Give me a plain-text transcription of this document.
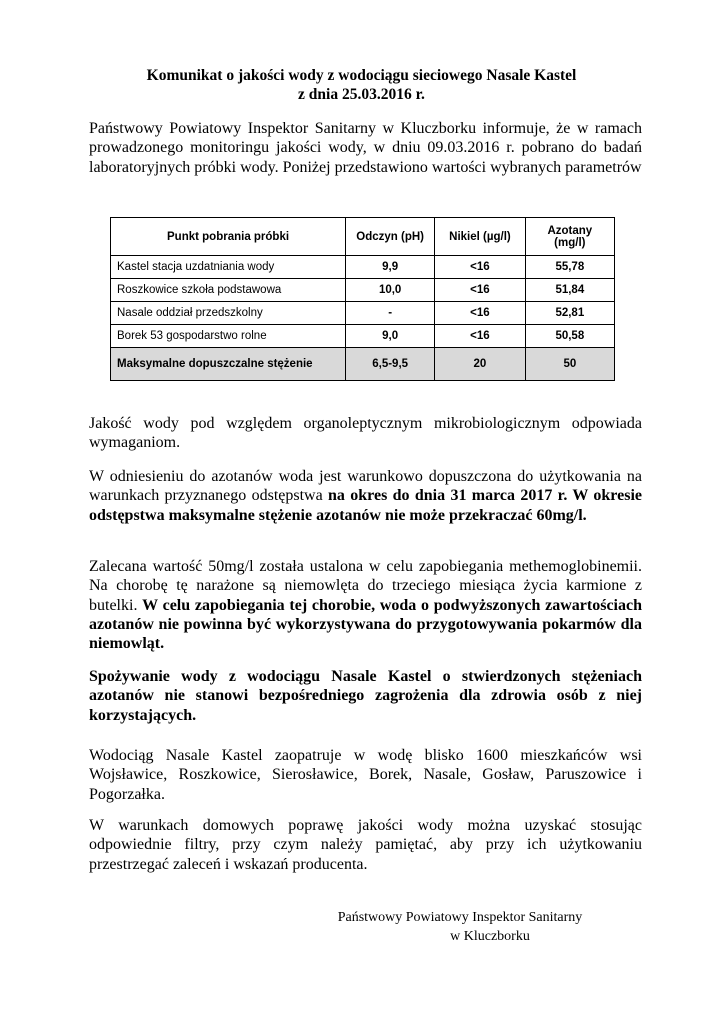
Komunikat o jakości wody z wodociągu sieciowego Nasale Kastel
z dnia 25.03.2016 r.

Państwowy Powiatowy Inspektor Sanitarny w Kluczborku informuje, że w ramach prowadzonego monitoringu jakości wody, w dniu 09.03.2016 r. pobrano do badań laboratoryjnych próbki wody. Poniżej przedstawiono wartości wybranych parametrów

Punkt pobrania próbki	Odczyn (pH)	Nikiel (µg/l)	Azotany (mg/l)
Kastel stacja uzdatniania wody	9,9	<16	55,78
Roszkowice szkoła podstawowa	10,0	<16	51,84
Nasale oddział przedszkolny	-	<16	52,81
Borek 53 gospodarstwo rolne	9,0	<16	50,58
Maksymalne dopuszczalne stężenie	6,5-9,5	20	50

Jakość wody pod względem organoleptycznym mikrobiologicznym odpowiada wymaganiom.

W odniesieniu do azotanów woda jest warunkowo dopuszczona do użytkowania na warunkach przyznanego odstępstwa na okres do dnia 31 marca 2017 r. W okresie odstępstwa maksymalne stężenie azotanów nie może przekraczać 60mg/l.

Zalecana wartość 50mg/l została ustalona w celu zapobiegania methemoglobinemii. Na chorobę tę narażone są niemowlęta do trzeciego miesiąca życia karmione z butelki. W celu zapobiegania tej chorobie, woda o podwyższonych zawartościach azotanów nie powinna być wykorzystywana do przygotowywania pokarmów dla niemowląt.

Spożywanie wody z wodociągu Nasale Kastel o stwierdzonych stężeniach azotanów nie stanowi bezpośredniego zagrożenia dla zdrowia osób z niej korzystających.

Wodociąg Nasale Kastel zaopatruje w wodę blisko 1600 mieszkańców wsi Wojsławice, Roszkowice, Sierosławice, Borek, Nasale, Gosław, Paruszowice i Pogorzałka.

W warunkach domowych poprawę jakości wody można uzyskać stosując odpowiednie filtry, przy czym należy pamiętać, aby przy ich użytkowaniu przestrzegać zaleceń i wskazań producenta.

Państwowy Powiatowy Inspektor Sanitarny
w Kluczborku
